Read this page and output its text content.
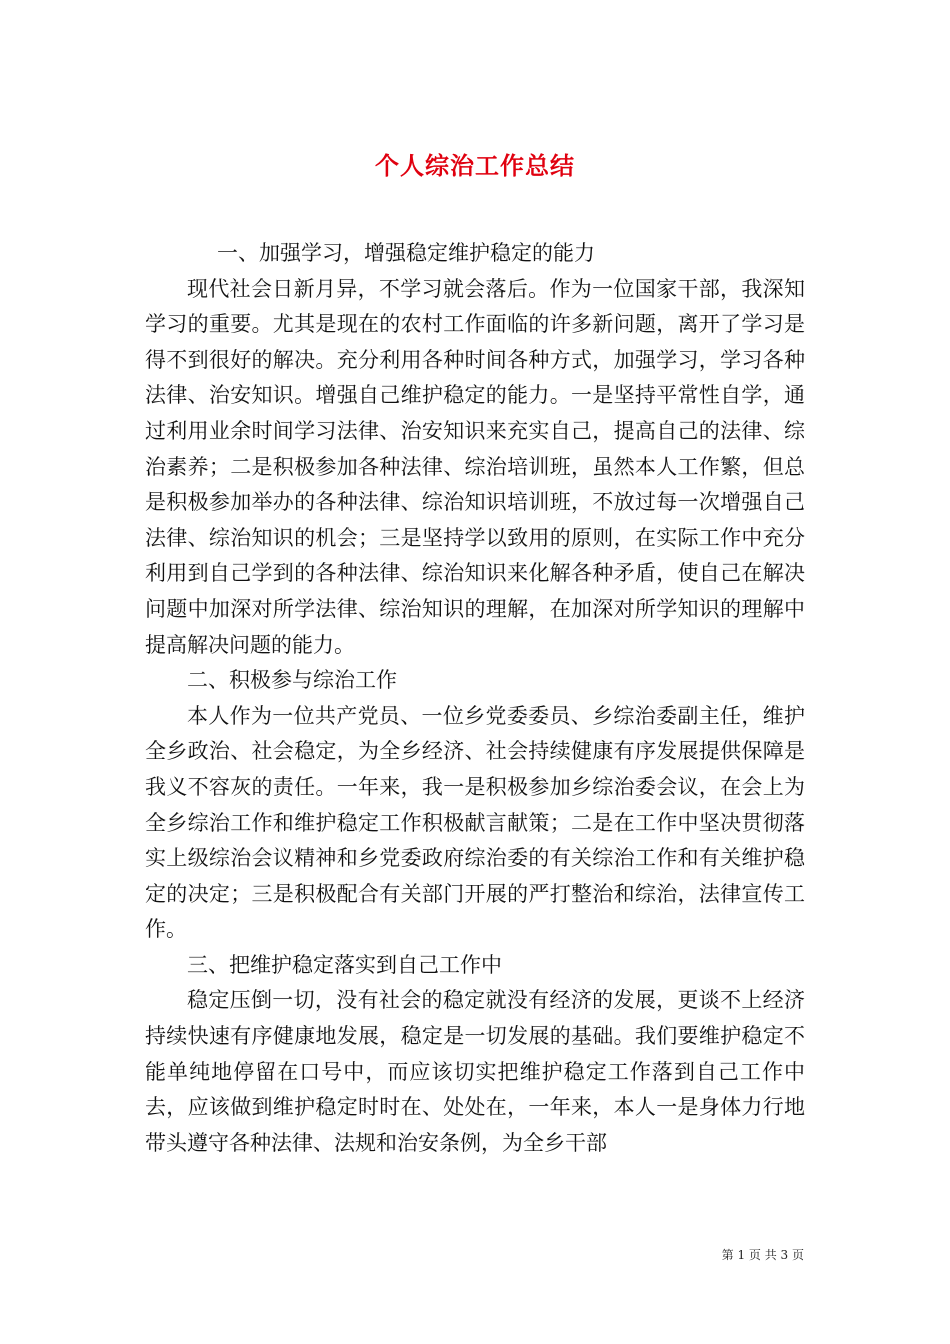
个人综治工作总结

一、加强学习，增强稳定维护稳定的能力

现代社会日新月异，不学习就会落后。作为一位国家干部，我深知学习的重要。尤其是现在的农村工作面临的许多新问题，离开了学习是得不到很好的解决。充分利用各种时间各种方式，加强学习，学习各种法律、治安知识。增强自己维护稳定的能力。一是坚持平常性自学，通过利用业余时间学习法律、治安知识来充实自己，提高自己的法律、综治素养；二是积极参加各种法律、综治培训班，虽然本人工作繁，但总是积极参加举办的各种法律、综治知识培训班，不放过每一次增强自己法律、综治知识的机会；三是坚持学以致用的原则，在实际工作中充分利用到自己学到的各种法律、综治知识来化解各种矛盾，使自己在解决问题中加深对所学法律、综治知识的理解，在加深对所学知识的理解中提高解决问题的能力。

二、积极参与综治工作

本人作为一位共产党员、一位乡党委委员、乡综治委副主任，维护全乡政治、社会稳定，为全乡经济、社会持续健康有序发展提供保障是我义不容灰的责任。一年来，我一是积极参加乡综治委会议，在会上为全乡综治工作和维护稳定工作积极献言献策；二是在工作中坚决贯彻落实上级综治会议精神和乡党委政府综治委的有关综治工作和有关维护稳定的决定；三是积极配合有关部门开展的严打整治和综治，法律宣传工作。

三、把维护稳定落实到自己工作中

稳定压倒一切，没有社会的稳定就没有经济的发展，更谈不上经济持续快速有序健康地发展，稳定是一切发展的基础。我们要维护稳定不能单纯地停留在口号中，而应该切实把维护稳定工作落到自己工作中去，应该做到维护稳定时时在、处处在，一年来，本人一是身体力行地带头遵守各种法律、法规和治安条例，为全乡干部

第 1 页 共 3 页
